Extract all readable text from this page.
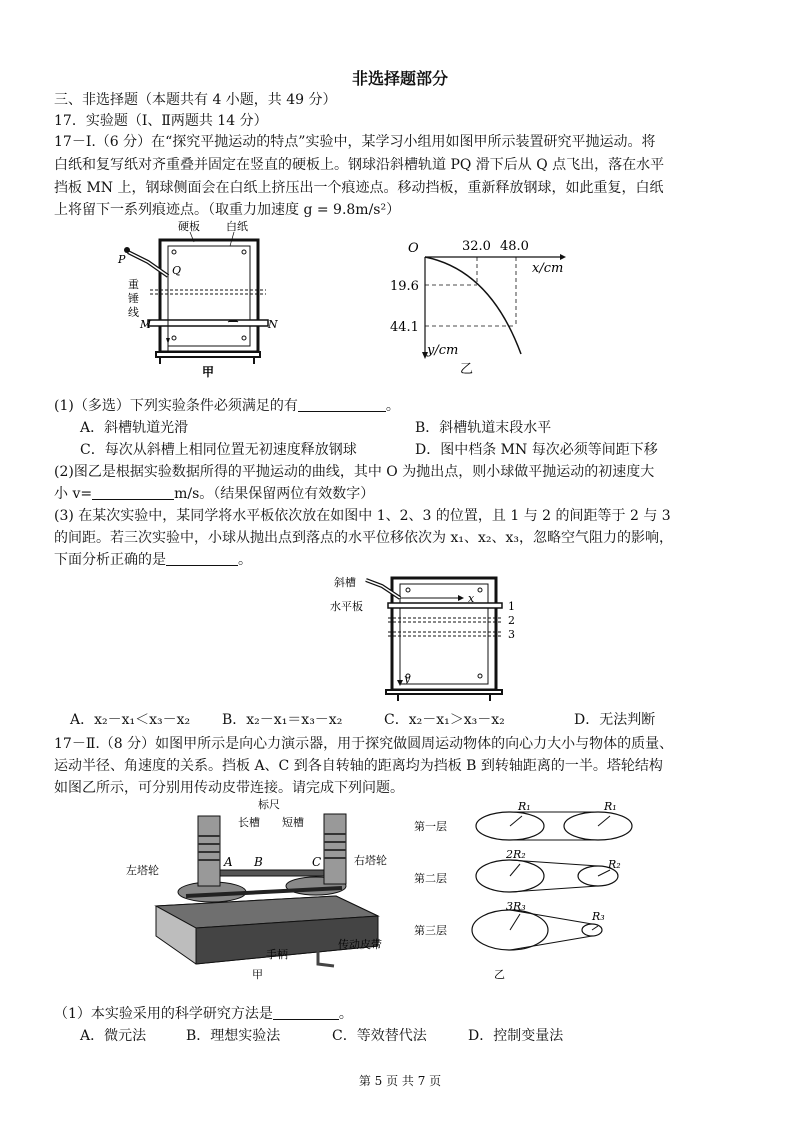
非选择题部分
三、非选择题（本题共有 4 小题，共 49 分）
17．实验题（Ⅰ、Ⅱ两题共 14 分）
17－Ⅰ.（6 分）在“探究平抛运动的特点”实验中，某学习小组用如图甲所示装置研究平抛运动。将
白纸和复写纸对齐重叠并固定在竖直的硬板上。钢球沿斜槽轨道 PQ 滑下后从 Q 点飞出，落在水平
挡板 MN 上，钢球侧面会在白纸上挤压出一个痕迹点。移动挡板，重新释放钢球，如此重复，白纸
上将留下一系列痕迹点。（取重力加速度 g = 9.8m/s²）
硬板 白纸
P
Q
重
锤
线
M	N
甲
O	32.0 48.0
x/cm
19.6
44.1
y/cm
乙
(1)（多选）下列实验条件必须满足的有	。
A．斜槽轨道光滑	B．斜槽轨道末段水平
C．每次从斜槽上相同位置无初速度释放钢球	D．图中档条 MN 每次必须等间距下移
(2)图乙是根据实验数据所得的平抛运动的曲线，其中 O 为抛出点，则小球做平抛运动的初速度大
小 v=	m/s。（结果保留两位有效数字）
(3) 在某次实验中，某同学将水平板依次放在如图中 1、2、3 的位置，且 1 与 2 的间距等于 2 与 3
的间距。若三次实验中，小球从抛出点到落点的水平位移依次为 x₁、x₂、x₃，忽略空气阻力的影响，
下面分析正确的是	。
斜槽
水平板
x
y
1
2
3
A．x₂－x₁＜x₃－x₂ B．x₂－x₁＝x₃－x₂	C．x₂－x₁＞x₃－x₂	D．无法判断
17－Ⅱ.（8 分）如图甲所示是向心力演示器，用于探究做圆周运动物体的向心力大小与物体的质量、
运动半径、角速度的关系。挡板 A、C 到各自转轴的距离均为挡板 B 到转轴距离的一半。塔轮结构
如图乙所示，可分别用传动皮带连接。请完成下列问题。
标尺
长槽 短槽
左塔轮
右塔轮
手柄
传动皮带
A B	C
甲
第一层
第二层
第三层
R₁	R₁
2R₂
R₂
3R₃
R₃
乙
（1）本实验采用的科学研究方法是	。
A．微元法	B．理想实验法	C．等效替代法	D．控制变量法
第 5 页 共 7 页
